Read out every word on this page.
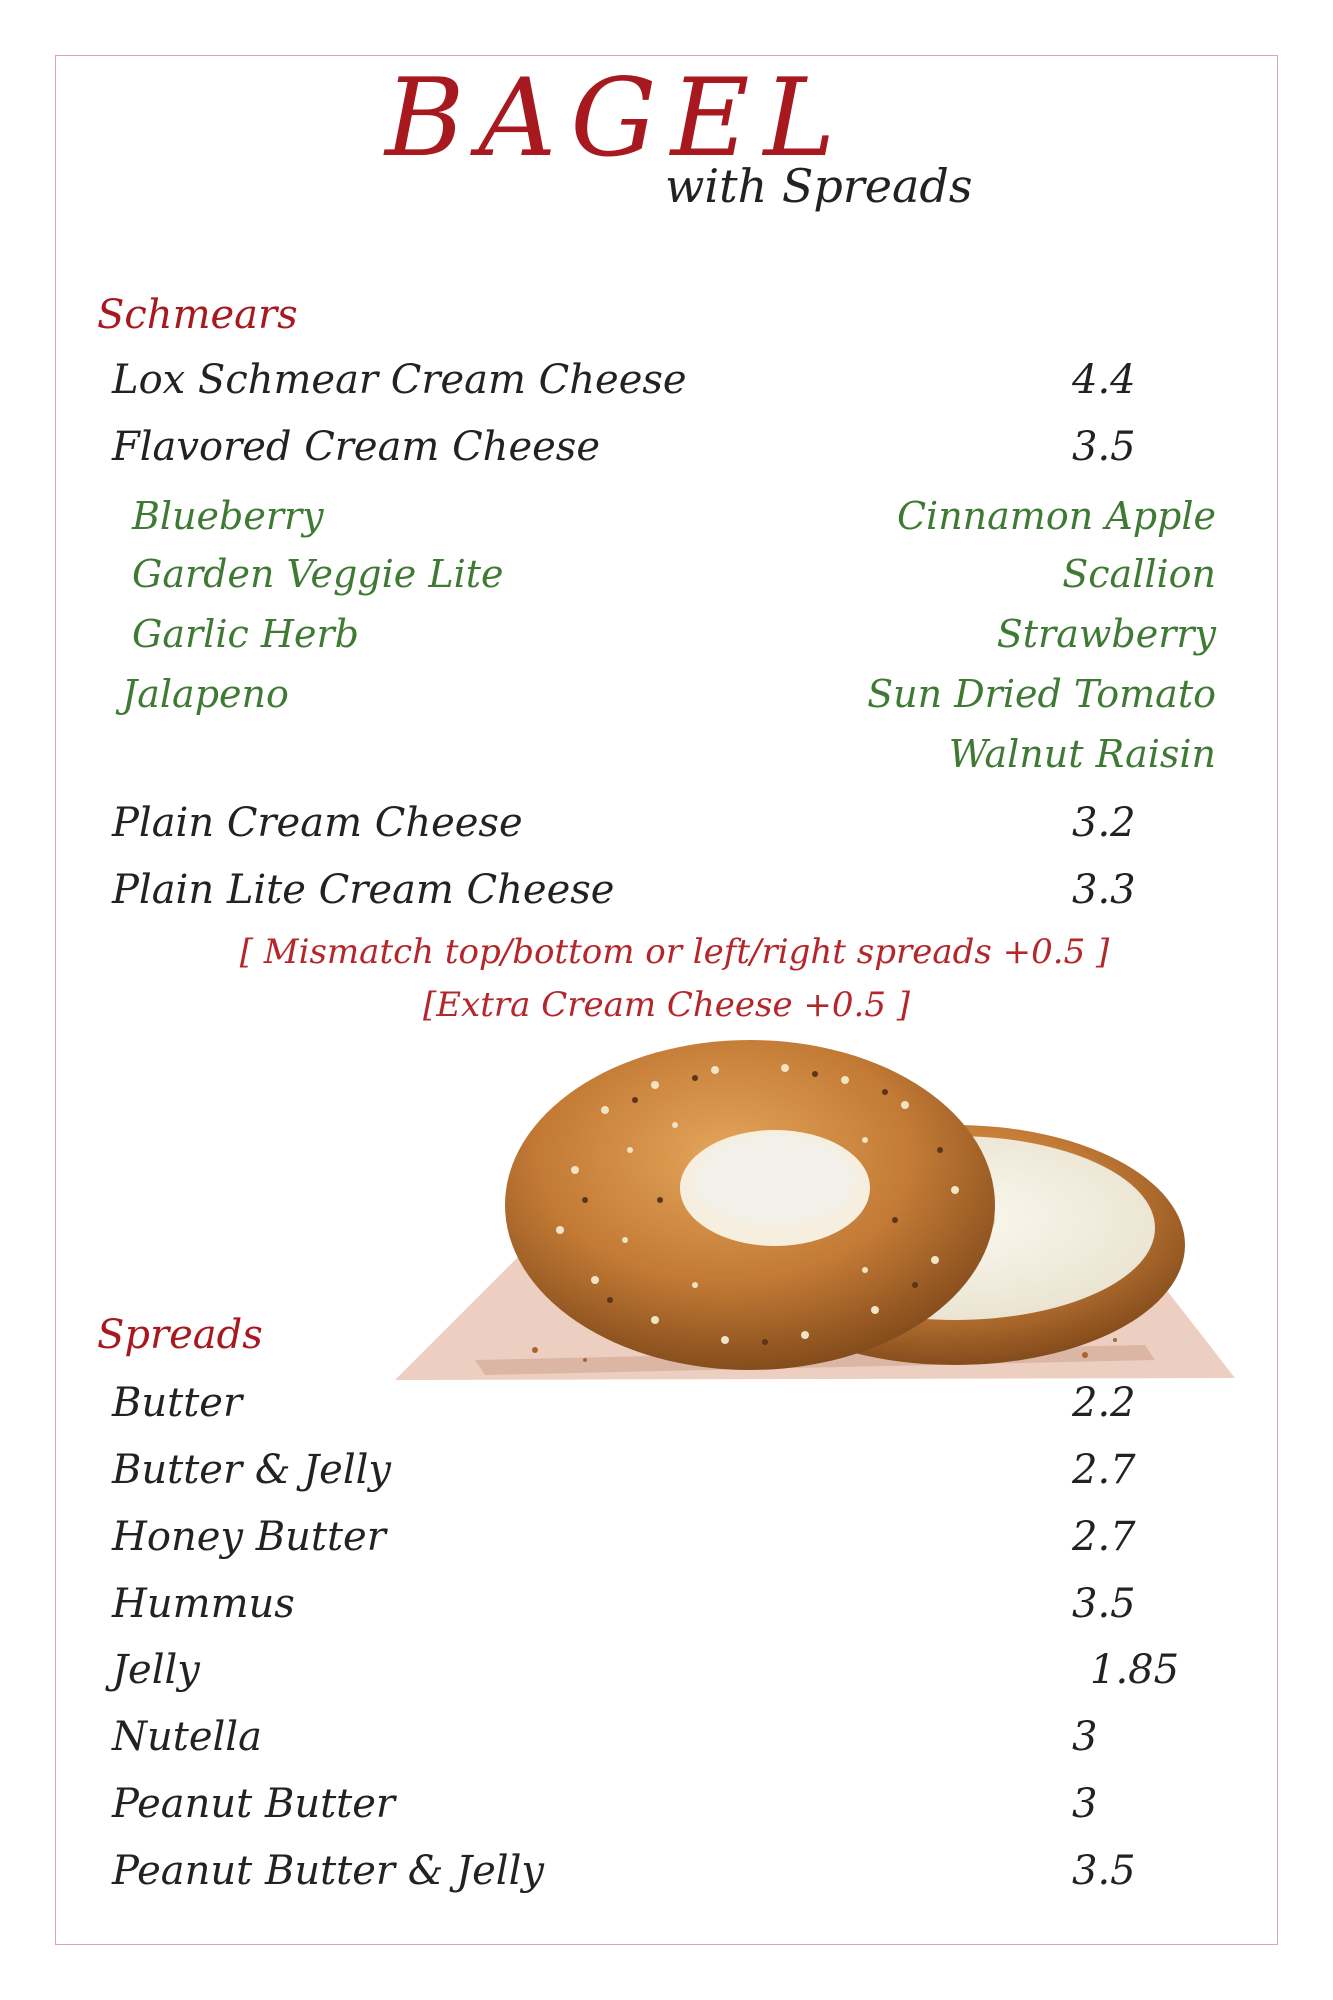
BAGEL
with Spreads
Schmears
Lox Schmear Cream Cheese	4.4
Flavored Cream Cheese	3.5
Blueberry
Garden Veggie Lite
Garlic Herb
Jalapeno
Cinnamon Apple
Scallion
Strawberry
Sun Dried Tomato
Walnut Raisin
Plain Cream Cheese	3.2
Plain Lite Cream Cheese	3.3
[ Mismatch top/bottom or left/right spreads +0.5 ]
[Extra Cream Cheese +0.5 ]
Spreads
Butter	2.2
Butter & Jelly	2.7
Honey Butter	2.7
Hummus	3.5
Jelly	1.85
Nutella	3
Peanut Butter	3
Peanut Butter & Jelly	3.5
